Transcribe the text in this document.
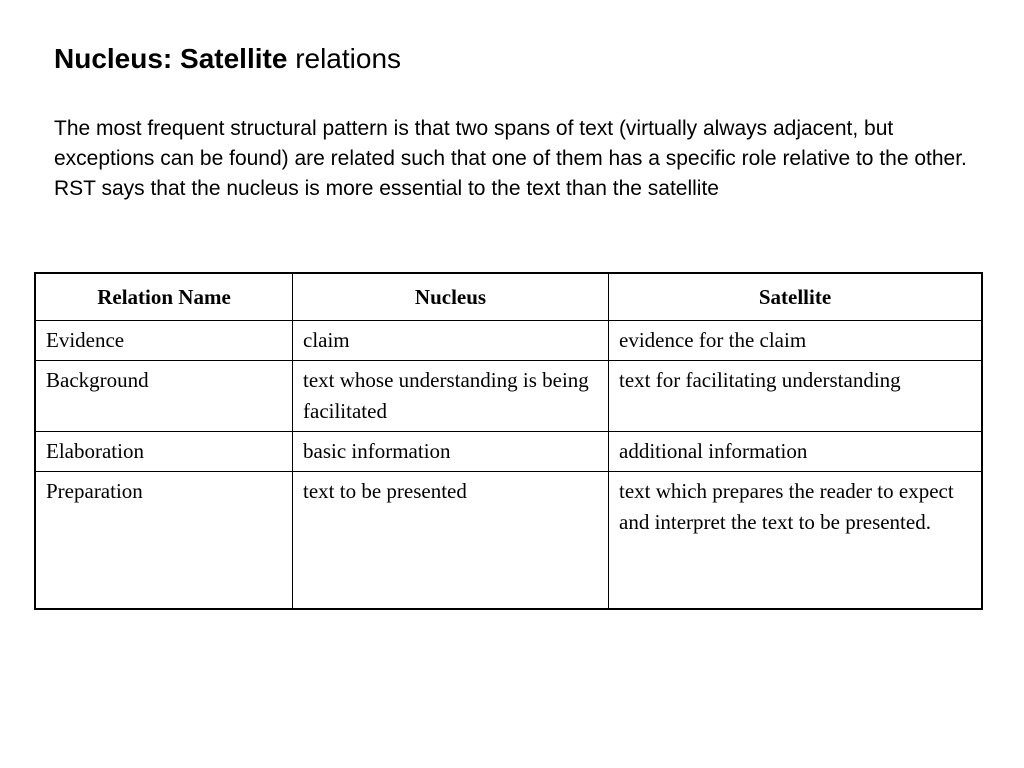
Nucleus: Satellite relations

The most frequent structural pattern is that two spans of text (virtually always adjacent, but exceptions can be found) are related such that one of them has a specific role relative to the other. RST says that the nucleus is more essential to the text than the satellite

Relation Name	Nucleus	Satellite
Evidence	claim	evidence for the claim
Background	text whose understanding is being facilitated	text for facilitating understanding
Elaboration	basic information	additional information
Preparation	text to be presented	text which prepares the reader to expect and interpret the text to be presented.
